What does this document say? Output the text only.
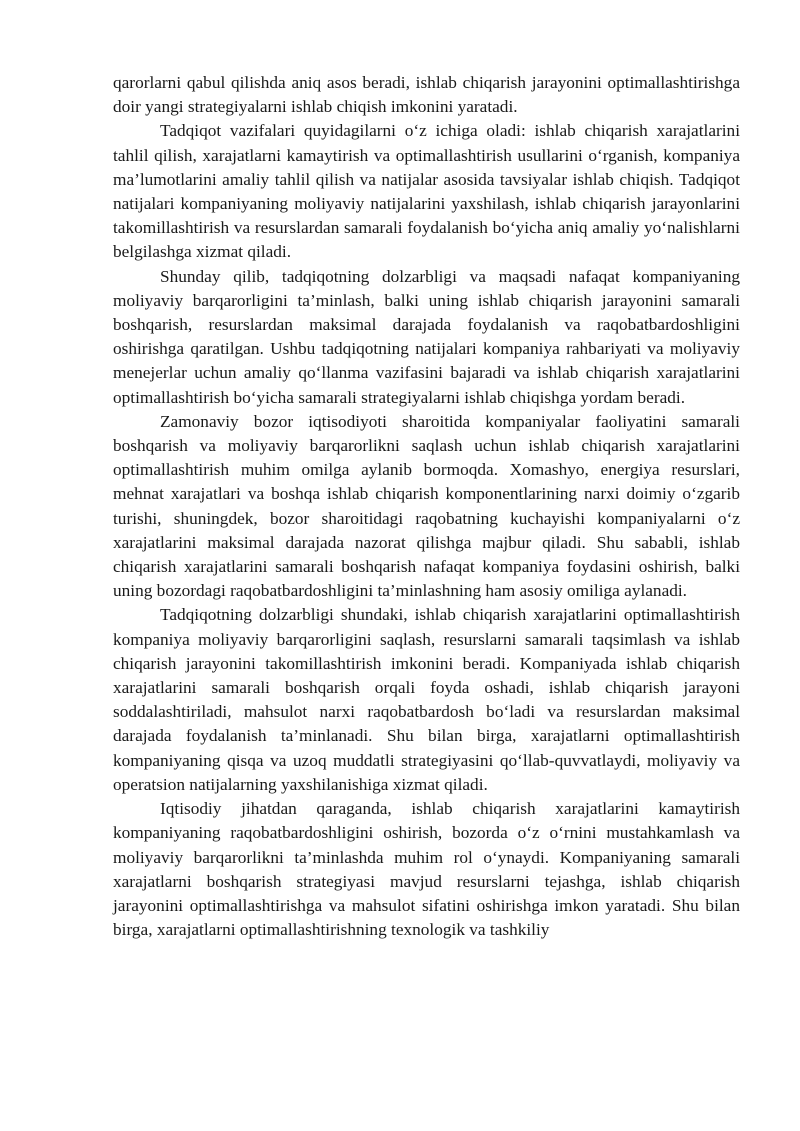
qarorlarni qabul qilishda aniq asos beradi, ishlab chiqarish jarayonini optimallashtirishga doir yangi strategiyalarni ishlab chiqish imkonini yaratadi.

Tadqiqot vazifalari quyidagilarni o‘z ichiga oladi: ishlab chiqarish xarajatlarini tahlil qilish, xarajatlarni kamaytirish va optimallashtirish usullarini o‘rganish, kompaniya ma’lumotlarini amaliy tahlil qilish va natijalar asosida tavsiyalar ishlab chiqish. Tadqiqot natijalari kompaniyaning moliyaviy natijalarini yaxshilash, ishlab chiqarish jarayonlarini takomillashtirish va resurslardan samarali foydalanish bo‘yicha aniq amaliy yo‘nalishlarni belgilashga xizmat qiladi.

Shunday qilib, tadqiqotning dolzarbligi va maqsadi nafaqat kompaniyaning moliyaviy barqarorligini ta’minlash, balki uning ishlab chiqarish jarayonini samarali boshqarish, resurslardan maksimal darajada foydalanish va raqobatbardoshligini oshirishga qaratilgan. Ushbu tadqiqotning natijalari kompaniya rahbariyati va moliyaviy menejerlar uchun amaliy qo‘llanma vazifasini bajaradi va ishlab chiqarish xarajatlarini optimallashtirish bo‘yicha samarali strategiyalarni ishlab chiqishga yordam beradi.

Zamonaviy bozor iqtisodiyoti sharoitida kompaniyalar faoliyatini samarali boshqarish va moliyaviy barqarorlikni saqlash uchun ishlab chiqarish xarajatlarini optimallashtirish muhim omilga aylanib bormoqda. Xomashyo, energiya resurslari, mehnat xarajatlari va boshqa ishlab chiqarish komponentlarining narxi doimiy o‘zgarib turishi, shuningdek, bozor sharoitidagi raqobatning kuchayishi kompaniyalarni o‘z xarajatlarini maksimal darajada nazorat qilishga majbur qiladi. Shu sababli, ishlab chiqarish xarajatlarini samarali boshqarish nafaqat kompaniya foydasini oshirish, balki uning bozordagi raqobatbardoshligini ta’minlashning ham asosiy omiliga aylanadi.

Tadqiqotning dolzarbligi shundaki, ishlab chiqarish xarajatlarini optimallashtirish kompaniya moliyaviy barqarorligini saqlash, resurslarni samarali taqsimlash va ishlab chiqarish jarayonini takomillashtirish imkonini beradi. Kompaniyada ishlab chiqarish xarajatlarini samarali boshqarish orqali foyda oshadi, ishlab chiqarish jarayoni soddalashtiriladi, mahsulot narxi raqobatbardosh bo‘ladi va resurslardan maksimal darajada foydalanish ta’minlanadi. Shu bilan birga, xarajatlarni optimallashtirish kompaniyaning qisqa va uzoq muddatli strategiyasini qo‘llab-quvvatlaydi, moliyaviy va operatsion natijalarning yaxshilanishiga xizmat qiladi.

Iqtisodiy jihatdan qaraganda, ishlab chiqarish xarajatlarini kamaytirish kompaniyaning raqobatbardoshligini oshirish, bozorda o‘z o‘rnini mustahkamlash va moliyaviy barqarorlikni ta’minlashda muhim rol o‘ynaydi. Kompaniyaning samarali xarajatlarni boshqarish strategiyasi mavjud resurslarni tejashga, ishlab chiqarish jarayonini optimallashtirishga va mahsulot sifatini oshirishga imkon yaratadi. Shu bilan birga, xarajatlarni optimallashtirishning texnologik va tashkiliy
